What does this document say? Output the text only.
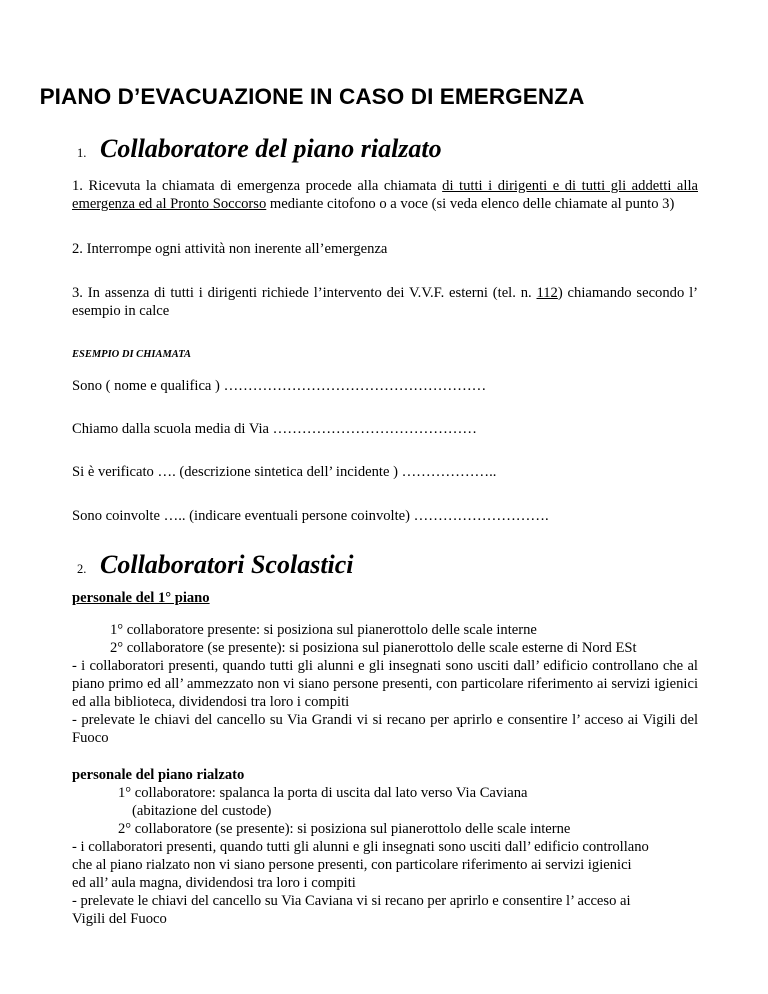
PIANO D’EVACUAZIONE IN CASO DI EMERGENZA
1. Collaboratore del piano rialzato

1. Ricevuta la chiamata di emergenza procede alla chiamata di tutti i dirigenti e di tutti gli addetti alla emergenza ed al Pronto Soccorso mediante citofono o a voce (si veda elenco delle chiamate al punto 3)

2. Interrompe ogni attività non inerente all’emergenza

3. In assenza di tutti i dirigenti richiede l’intervento dei V.V.F. esterni (tel. n. 112) chiamando secondo l’ esempio in calce

ESEMPIO DI CHIAMATA
Sono ( nome e qualifica ) ………………………………………………
Chiamo dalla scuola media di Via ……………………………………
Si è verificato …. (descrizione sintetica dell’ incidente ) ………………..
Sono coinvolte ….. (indicare eventuali persone coinvolte) ……………………….
2. Collaboratori Scolastici
personale del 1° piano
1° collaboratore presente: si posiziona sul pianerottolo delle scale interne
2° collaboratore (se presente): si posiziona sul pianerottolo delle scale esterne di Nord ESt

- i collaboratori presenti, quando tutti gli alunni e gli insegnati sono usciti dall’ edificio controllano che al piano primo ed all’ ammezzato non vi siano persone presenti, con particolare riferimento ai servizi igienici ed alla biblioteca, dividendosi tra loro i compiti

- prelevate le chiavi del cancello su Via Grandi vi si recano per aprirlo e consentire l’ acceso ai Vigili del Fuoco

personale del piano rialzato
1° collaboratore: spalanca la porta di uscita dal lato verso Via Caviana
(abitazione del custode)
2° collaboratore (se presente): si posiziona sul pianerottolo delle scale interne
- i collaboratori presenti, quando tutti gli alunni e gli insegnati sono usciti dall’ edificio controllano
che al piano rialzato non vi siano persone presenti, con particolare riferimento ai servizi igienici
ed all’ aula magna, dividendosi tra loro i compiti
- prelevate le chiavi del cancello su Via Caviana vi si recano per aprirlo e consentire l’ acceso ai
Vigili del Fuoco
